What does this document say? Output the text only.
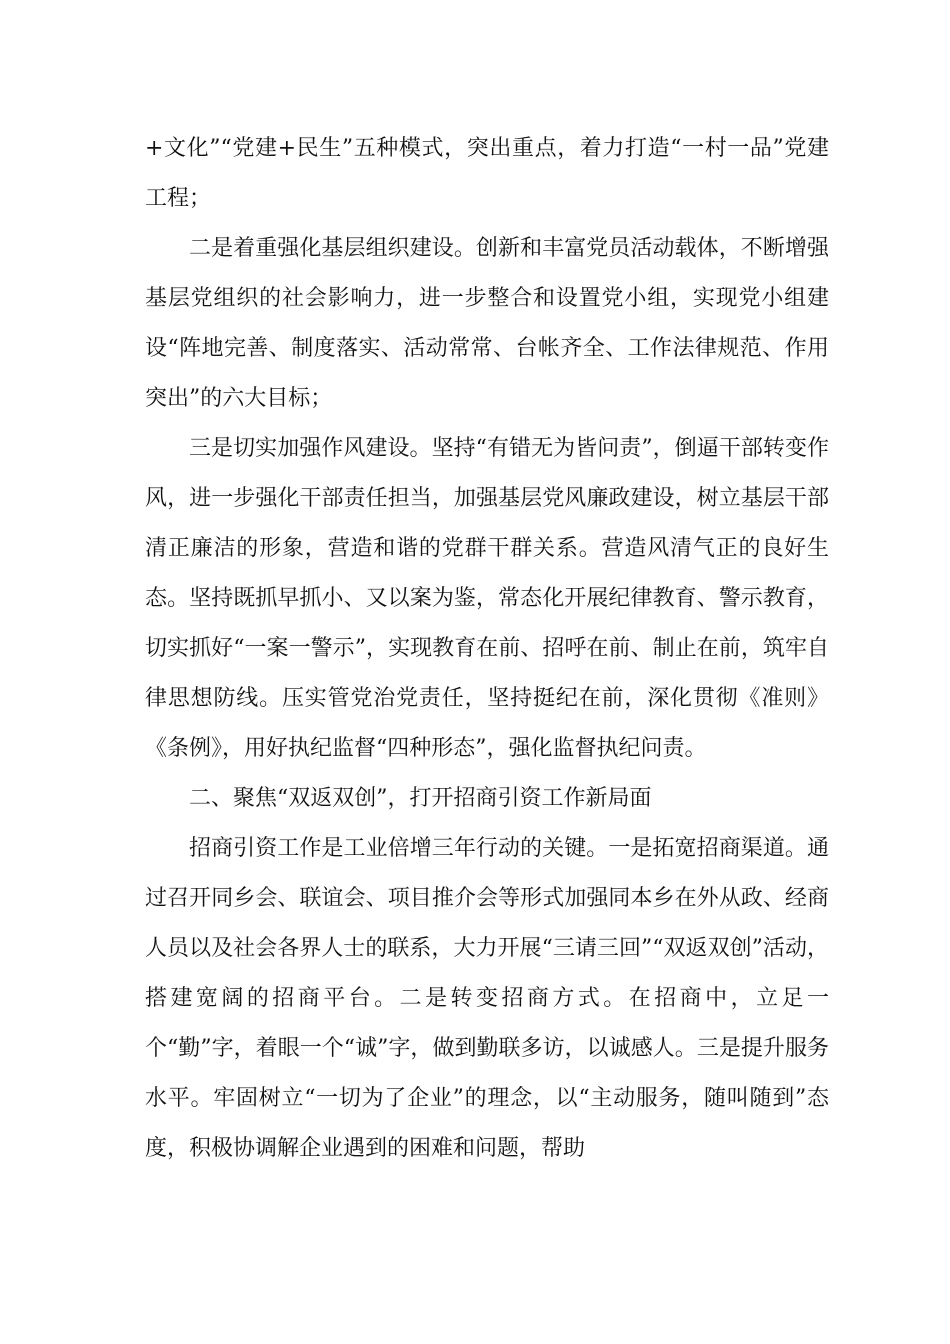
+文化”“党建+民生”五种模式，突出重点，着力打造“一村一品”党建工程；

二是着重强化基层组织建设。创新和丰富党员活动载体，不断增强基层党组织的社会影响力，进一步整合和设置党小组，实现党小组建设“阵地完善、制度落实、活动常常、台帐齐全、工作法律规范、作用突出”的六大目标；

三是切实加强作风建设。坚持“有错无为皆问责”，倒逼干部转变作风，进一步强化干部责任担当，加强基层党风廉政建设，树立基层干部清正廉洁的形象，营造和谐的党群干群关系。营造风清气正的良好生态。坚持既抓早抓小、又以案为鉴，常态化开展纪律教育、警示教育，切实抓好“一案一警示”，实现教育在前、招呼在前、制止在前，筑牢自律思想防线。压实管党治党责任，坚持挺纪在前，深化贯彻《准则》《条例》，用好执纪监督“四种形态”，强化监督执纪问责。

二、聚焦“双返双创”，打开招商引资工作新局面

招商引资工作是工业倍增三年行动的关键。一是拓宽招商渠道。通过召开同乡会、联谊会、项目推介会等形式加强同本乡在外从政、经商人员以及社会各界人士的联系，大力开展“三请三回”“双返双创”活动，搭建宽阔的招商平台。二是转变招商方式。在招商中，立足一个“勤”字，着眼一个“诚”字，做到勤联多访，以诚感人。三是提升服务水平。牢固树立“一切为了企业”的理念，以“主动服务，随叫随到”态度，积极协调解企业遇到的困难和问题，帮助
